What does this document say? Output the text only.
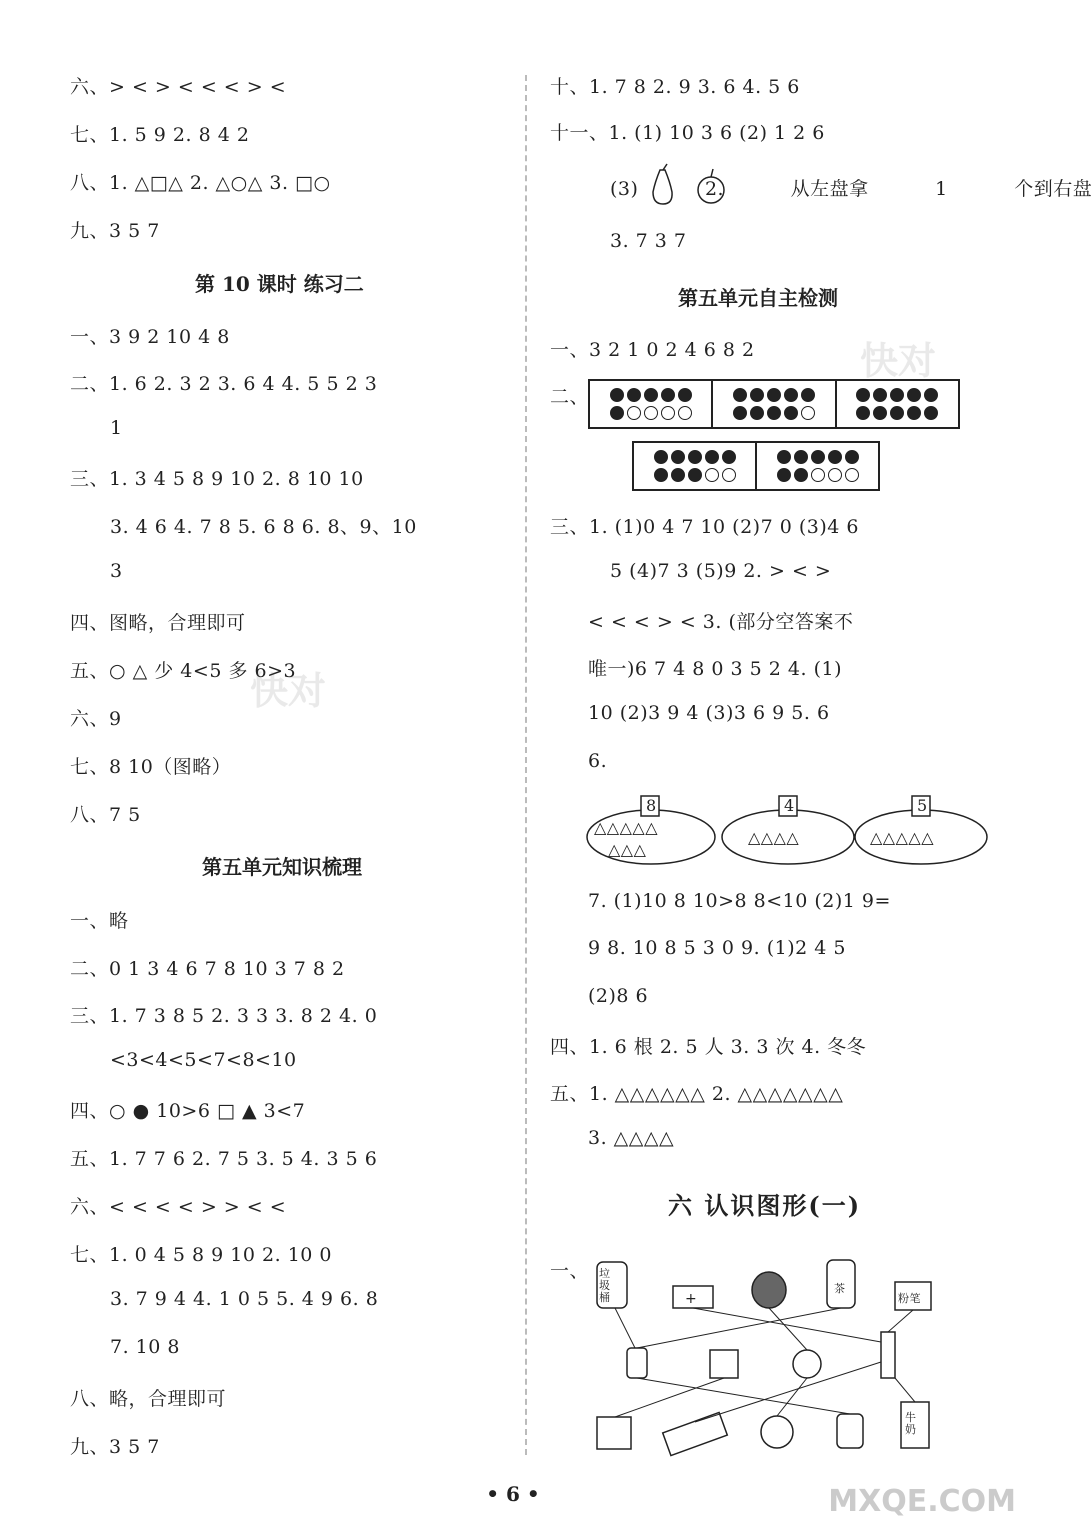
六、> < > < < < > <
七、1. 5 9 2. 8 4 2
八、1. △□△ 2. △○△ 3. □○
九、3 5 7
第 10 课时 练习二
一、3 9 2 10 4 8
二、1. 6 2. 3 2 3. 6 4 4. 5 5 2 3
1
三、1. 3 4 5 8 9 10 2. 8 10 10
3. 4 6 4. 7 8 5. 6 8 6. 8、9、10
3
四、图略，合理即可
五、○ △ 少 4<5 多 6>3
六、9
七、8 10（图略）
八、7 5
第五单元知识梳理
一、略
二、0 1 3 4 6 7 8 10 3 7 8 2
三、1. 7 3 8 5 2. 3 3 3. 8 2 4. 0
<3<4<5<7<8<10
四、○ ● 10>6 □ ▲ 3<7
五、1. 7 7 6 2. 7 5 3. 5 4. 3 5 6
六、< < < < > > < <
七、1. 0 4 5 8 9 10 2. 10 0
3. 7 9 4 4. 1 0 5 5. 4 9 6. 8
7. 10 8
八、略，合理即可
九、3 5 7
快对
快对
十、1. 7 8 2. 9 3. 6 4. 5 6
十一、1. (1) 10 3 6 (2) 1 2 6
(3) 2. 从左盘拿 1 个到右盘
3. 7 3 7
第五单元自主检测
一、3 2 1 0 2 4 6 8 2
二、
三、1. (1)0 4 7 10 (2)7 0 (3)4 6
5 (4)7 3 (5)9 2. > < >
< < < > < 3. (部分空答案不
唯一)6 7 4 8 0 3 5 2 4. (1)
10 (2)3 9 4 (3)3 6 9 5. 6
6.
8	4	5
△△△△△
△△△
△△△△	△△△△△
7. (1)10 8 10>8 8<10 (2)1 9=
9 8. 10 8 5 3 0 9. (1)2 4 5
(2)8 6
四、1. 6 根 2. 5 人 3. 3 次 4. 冬冬
五、1. △△△△△△ 2. △△△△△△△
3. △△△△
六 认识图形(一)
一、
+
垃圾桶
茶
粉笔
牛奶
• 6 •	MXQE.COM
